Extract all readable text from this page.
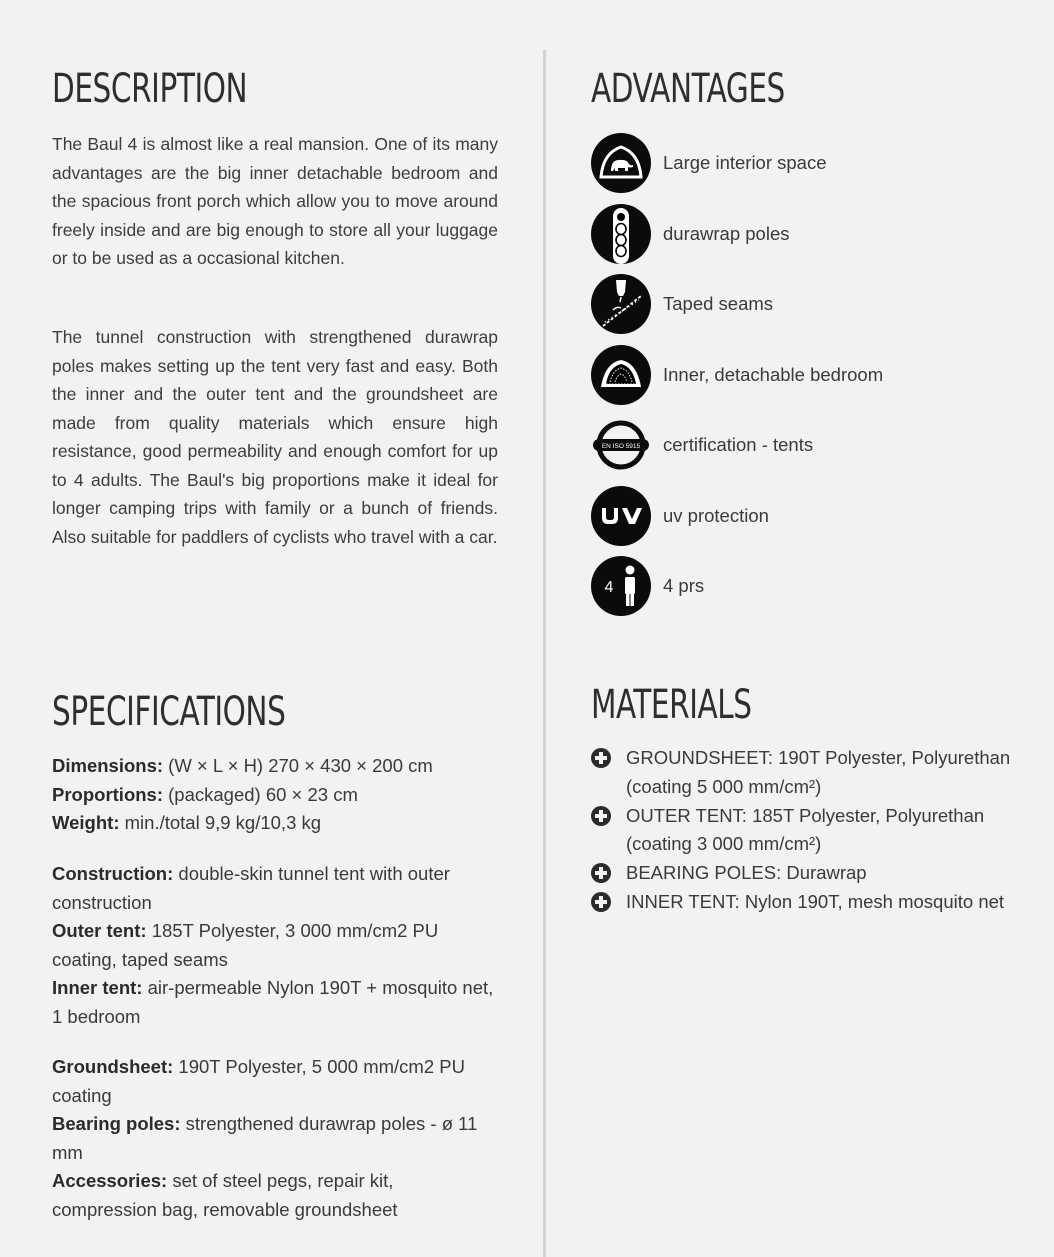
DESCRIPTION

The Baul 4 is almost like a real mansion. One of its many advantages are the big inner detachable bedroom and the spacious front porch which allow you to move around freely inside and are big enough to store all your luggage or to be used as a occasional kitchen.

The tunnel construction with strengthened durawrap poles makes setting up the tent very fast and easy. Both the inner and the outer tent and the groundsheet are made from quality materials which ensure high resistance, good permeability and enough comfort for up to 4 adults. The Baul's big proportions make it ideal for longer camping trips with family or a bunch of friends. Also suitable for paddlers of cyclists who travel with a car.

SPECIFICATIONS

Dimensions: (W × L × H) 270 × 430 × 200 cm

Proportions: (packaged) 60 × 23 cm

Weight: min./total 9,9 kg/10,3 kg

Construction: double-skin tunnel tent with outer construction

Outer tent: 185T Polyester, 3 000 mm/cm2 PU coating, taped seams

Inner tent: air-permeable Nylon 190T + mosquito net, 1 bedroom

Groundsheet: 190T Polyester, 5 000 mm/cm2 PU coating

Bearing poles: strengthened durawrap poles - ø 11 mm

Accessories: set of steel pegs, repair kit, compression bag, removable groundsheet

ADVANTAGES
Large interior space
durawrap poles
Taped seams
Inner, detachable bedroom
EN ISO 5915 certification - tents
uv protection
4	4 prs
MATERIALS
GROUNDSHEET: 190T Polyester, Polyurethan (coating 5 000 mm/cm²)
OUTER TENT: 185T Polyester, Polyurethan (coating 3 000 mm/cm²)
BEARING POLES: Durawrap
INNER TENT: Nylon 190T, mesh mosquito net
